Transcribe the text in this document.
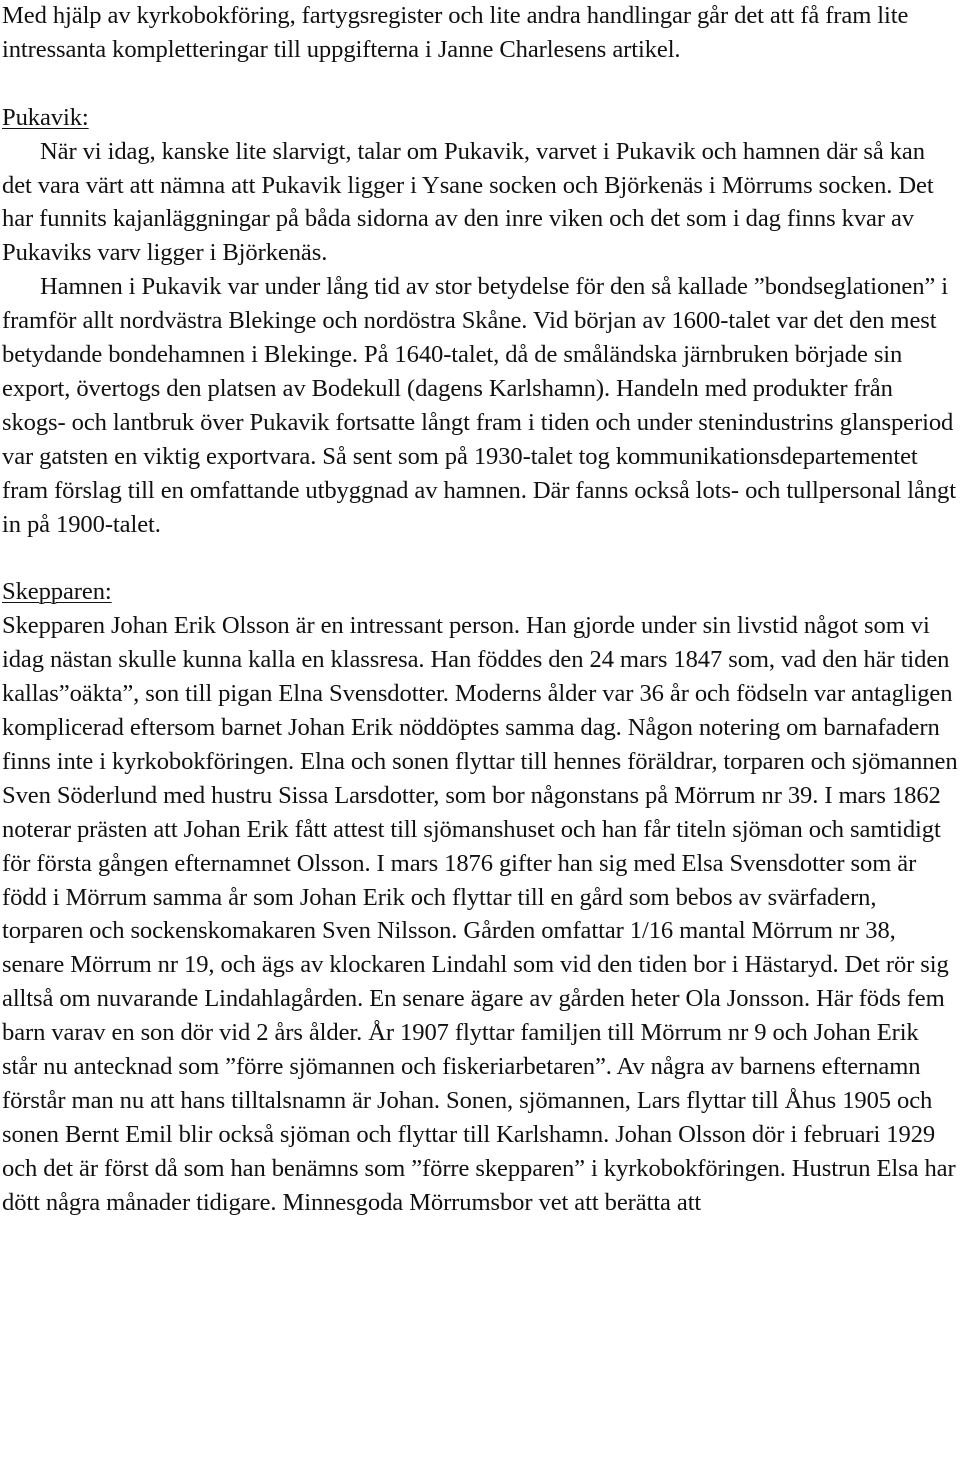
Med hjälp av kyrkobokföring, fartygsregister och lite andra handlingar går det att få fram lite intressanta kompletteringar till uppgifterna i Janne Charlesens artikel.

Pukavik:

När vi idag, kanske lite slarvigt, talar om Pukavik, varvet i Pukavik och hamnen där så kan det vara värt att nämna att Pukavik ligger i Ysane socken och Björkenäs i Mörrums socken. Det har funnits kajanläggningar på båda sidorna av den inre viken och det som i dag finns kvar av Pukaviks varv ligger i Björkenäs.

Hamnen i Pukavik var under lång tid av stor betydelse för den så kallade ”bondseglationen” i framför allt nordvästra Blekinge och nordöstra Skåne. Vid början av 1600-talet var det den mest betydande bondehamnen i Blekinge. På 1640-talet, då de småländska järnbruken började sin export, övertogs den platsen av Bodekull (dagens Karlshamn). Handeln med produkter från skogs- och lantbruk över Pukavik fortsatte långt fram i tiden och under stenindustrins glansperiod var gatsten en viktig exportvara. Så sent som på 1930-talet tog kommunikationsdepartementet fram förslag till en omfattande utbyggnad av hamnen. Där fanns också lots- och tullpersonal långt in på 1900-talet.

Skepparen:

Skepparen Johan Erik Olsson är en intressant person. Han gjorde under sin livstid något som vi idag nästan skulle kunna kalla en klassresa. Han föddes den 24 mars 1847 som, vad den här tiden kallas”oäkta”, son till pigan Elna Svensdotter. Moderns ålder var 36 år och födseln var antagligen komplicerad eftersom barnet Johan Erik nöddöptes samma dag. Någon notering om barnafadern finns inte i kyrkobokföringen. Elna och sonen flyttar till hennes föräldrar, torparen och sjömannen Sven Söderlund med hustru Sissa Larsdotter, som bor någonstans på Mörrum nr 39. I mars 1862 noterar prästen att Johan Erik fått attest till sjömanshuset och han får titeln sjöman och samtidigt för första gången efternamnet Olsson. I mars 1876 gifter han sig med Elsa Svensdotter som är född i Mörrum samma år som Johan Erik och flyttar till en gård som bebos av svärfadern, torparen och sockenskomakaren Sven Nilsson. Gården omfattar 1/16 mantal Mörrum nr 38, senare Mörrum nr 19, och ägs av klockaren Lindahl som vid den tiden bor i Hästaryd. Det rör sig alltså om nuvarande Lindahlagården. En senare ägare av gården heter Ola Jonsson. Här föds fem barn varav en son dör vid 2 års ålder. År 1907 flyttar familjen till Mörrum nr 9 och Johan Erik står nu antecknad som ”förre sjömannen och fiskeriarbetaren”. Av några av barnens efternamn förstår man nu att hans tilltalsnamn är Johan. Sonen, sjömannen, Lars flyttar till Åhus 1905 och sonen Bernt Emil blir också sjöman och flyttar till Karlshamn. Johan Olsson dör i februari 1929 och det är först då som han benämns som ”förre skepparen” i kyrkobokföringen. Hustrun Elsa har dött några månader tidigare. Minnesgoda Mörrumsbor vet att berätta att
